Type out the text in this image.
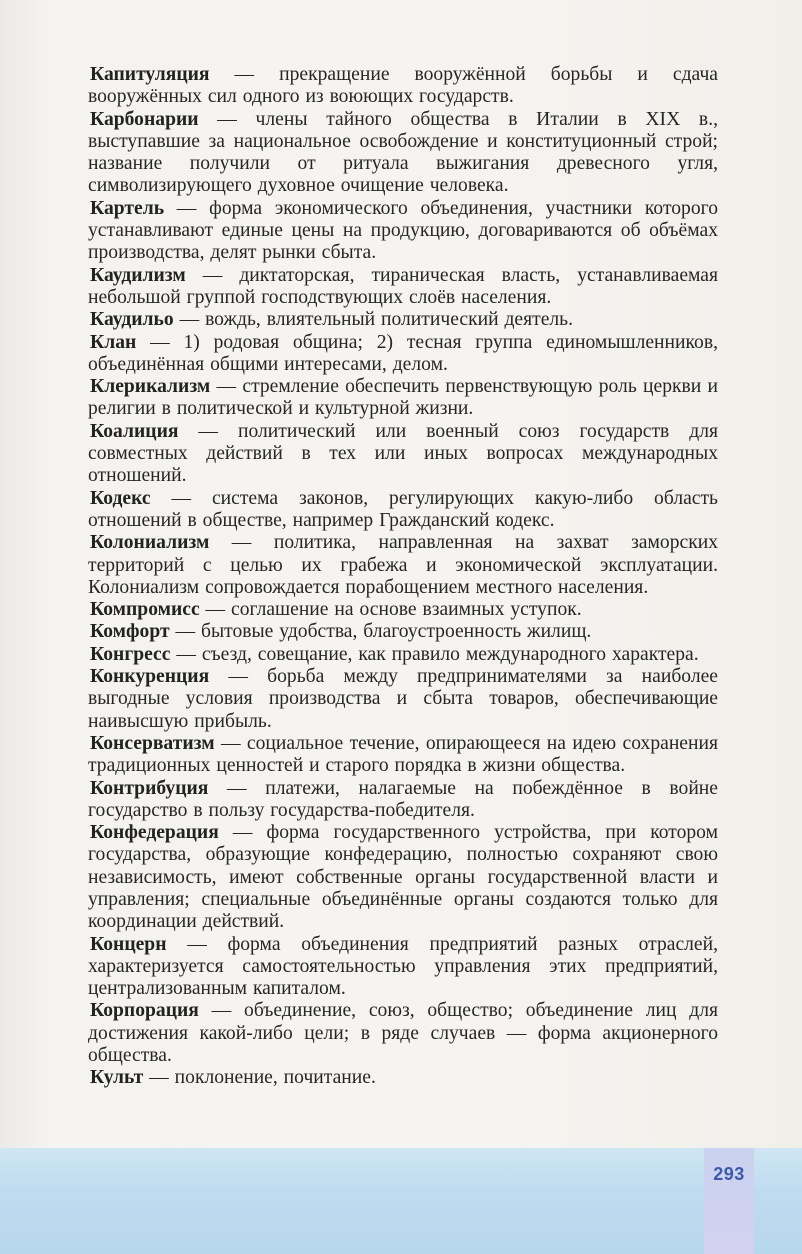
Капитуляция — прекращение вооружённой борьбы и сдача вооружённых сил одного из воюющих государств.

Карбонарии — члены тайного общества в Италии в XIX в., выступавшие за национальное освобождение и конституционный строй; название получили от ритуала выжигания древесного угля, символизирующего духовное очищение человека.

Картель — форма экономического объединения, участники которого устанавливают единые цены на продукцию, договариваются об объёмах производства, делят рынки сбыта.

Каудилизм — диктаторская, тираническая власть, устанавливаемая небольшой группой господствующих слоёв населения.

Каудильо — вождь, влиятельный политический деятель.

Клан — 1) родовая община; 2) тесная группа единомышленников, объединённая общими интересами, делом.

Клерикализм — стремление обеспечить первенствующую роль церкви и религии в политической и культурной жизни.

Коалиция — политический или военный союз государств для совместных действий в тех или иных вопросах международных отношений.

Кодекс — система законов, регулирующих какую-либо область отношений в обществе, например Гражданский кодекс.

Колониализм — политика, направленная на захват заморских территорий с целью их грабежа и экономической эксплуатации. Колониализм сопровождается порабощением местного населения.

Компромисс — соглашение на основе взаимных уступок.

Комфорт — бытовые удобства, благоустроенность жилищ.

Конгресс — съезд, совещание, как правило международного характера.

Конкуренция — борьба между предпринимателями за наиболее выгодные условия производства и сбыта товаров, обеспечивающие наивысшую прибыль.

Консерватизм — социальное течение, опирающееся на идею сохранения традиционных ценностей и старого порядка в жизни общества.

Контрибуция — платежи, налагаемые на побеждённое в войне государство в пользу государства-победителя.

Конфедерация — форма государственного устройства, при котором государства, образующие конфедерацию, полностью сохраняют свою независимость, имеют собственные органы государственной власти и управления; специальные объединённые органы создаются только для координации действий.

Концерн — форма объединения предприятий разных отраслей, характеризуется самостоятельностью управления этих предприятий, централизованным капиталом.

Корпорация — объединение, союз, общество; объединение лиц для достижения какой-либо цели; в ряде случаев — форма акционерного общества.

Культ — поклонение, почитание.

293
